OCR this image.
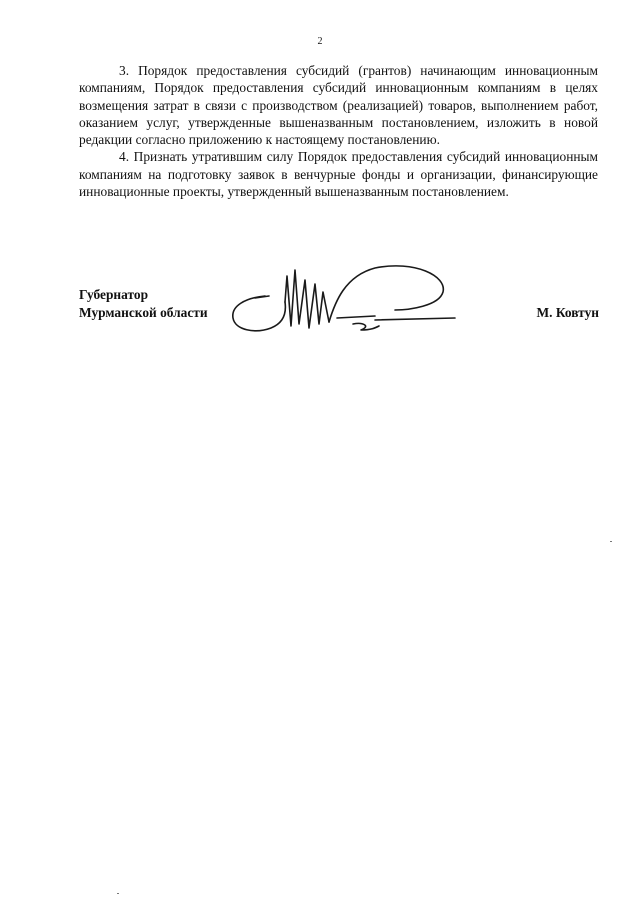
2

3. Порядок предоставления субсидий (грантов) начинающим инновационным компаниям, Порядок предоставления субсидий инновационным компаниям в целях возмещения затрат в связи с производством (реализацией) товаров, выполнением работ, оказанием услуг, утвержденные вышеназванным постановлением, изложить в новой редакции согласно приложению к настоящему постановлению.

4. Признать утратившим силу Порядок предоставления субсидий инновационным компаниям на подготовку заявок в венчурные фонды и организации, финансирующие инновационные проекты, утвержденный вышеназванным постановлением.

Губернатор
Мурманской области	М. Ковтун
